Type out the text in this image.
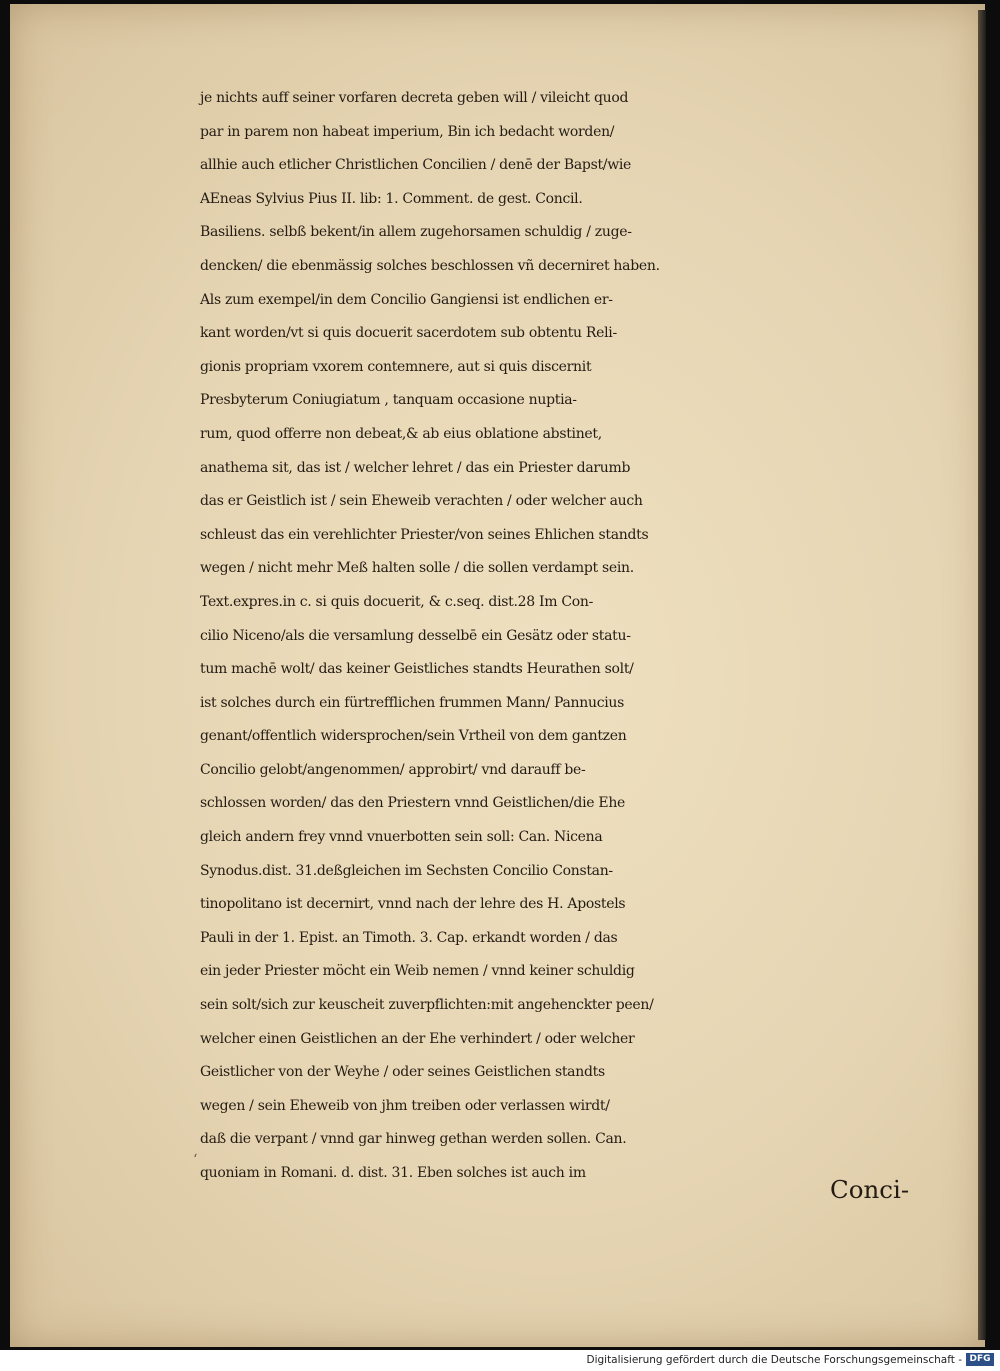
je nichts auff seiner vorfaren decreta geben will / vileicht quod
par in parem non habeat imperium, Bin ich bedacht worden/
allhie auch etlicher Christlichen Concilien / denē der Bapst/wie
AEneas Sylvius Pius II. lib: 1. Comment. de gest. Concil.
Basiliens. selbß bekent/in allem zugehorsamen schuldig / zuge-
dencken/ die ebenmässig solches beschlossen vñ decerniret haben.
Als zum exempel/in dem Concilio Gangiensi ist endlichen er-
kant worden/vt si quis docuerit sacerdotem sub obtentu Reli-
gionis propriam vxorem contemnere, aut si quis discernit
Presbyterum Coniugiatum , tanquam occasione nuptia-
rum, quod offerre non debeat,& ab eius oblatione abstinet,
anathema sit, das ist / welcher lehret / das ein Priester darumb
das er Geistlich ist / sein Eheweib verachten / oder welcher auch
schleust das ein verehlichter Priester/von seines Ehlichen standts
wegen / nicht mehr Meß halten solle / die sollen verdampt sein.
Text.expres.in c. si quis docuerit, & c.seq. dist.28 Im Con-
cilio Niceno/als die versamlung desselbē ein Gesätz oder statu-
tum machē wolt/ das keiner Geistliches standts Heurathen solt/
ist solches durch ein fürtrefflichen frummen Mann/ Pannucius
genant/offentlich widersprochen/sein Vrtheil von dem gantzen
Concilio gelobt/angenommen/ approbirt/ vnd darauff be-
schlossen worden/ das den Priestern vnnd Geistlichen/die Ehe
gleich andern frey vnnd vnuerbotten sein soll: Can. Nicena
Synodus.dist. 31.deßgleichen im Sechsten Concilio Constan-
tinopolitano ist decernirt, vnnd nach der lehre des H. Apostels
Pauli in der 1. Epist. an Timoth. 3. Cap. erkandt worden / das
ein jeder Priester möcht ein Weib nemen / vnnd keiner schuldig
sein solt/sich zur keuscheit zuverpflichten:mit angehenckter peen/
welcher einen Geistlichen an der Ehe verhindert / oder welcher
Geistlicher von der Weyhe / oder seines Geistlichen standts
wegen / sein Eheweib von jhm treiben oder verlassen wirdt/
daß die verpant / vnnd gar hinweg gethan werden sollen. Can.
quoniam in Romani. d. dist. 31. Eben solches ist auch im
‘
Conci-
Digitalisierung gefördert durch die Deutsche Forschungsgemeinschaft - DFG
